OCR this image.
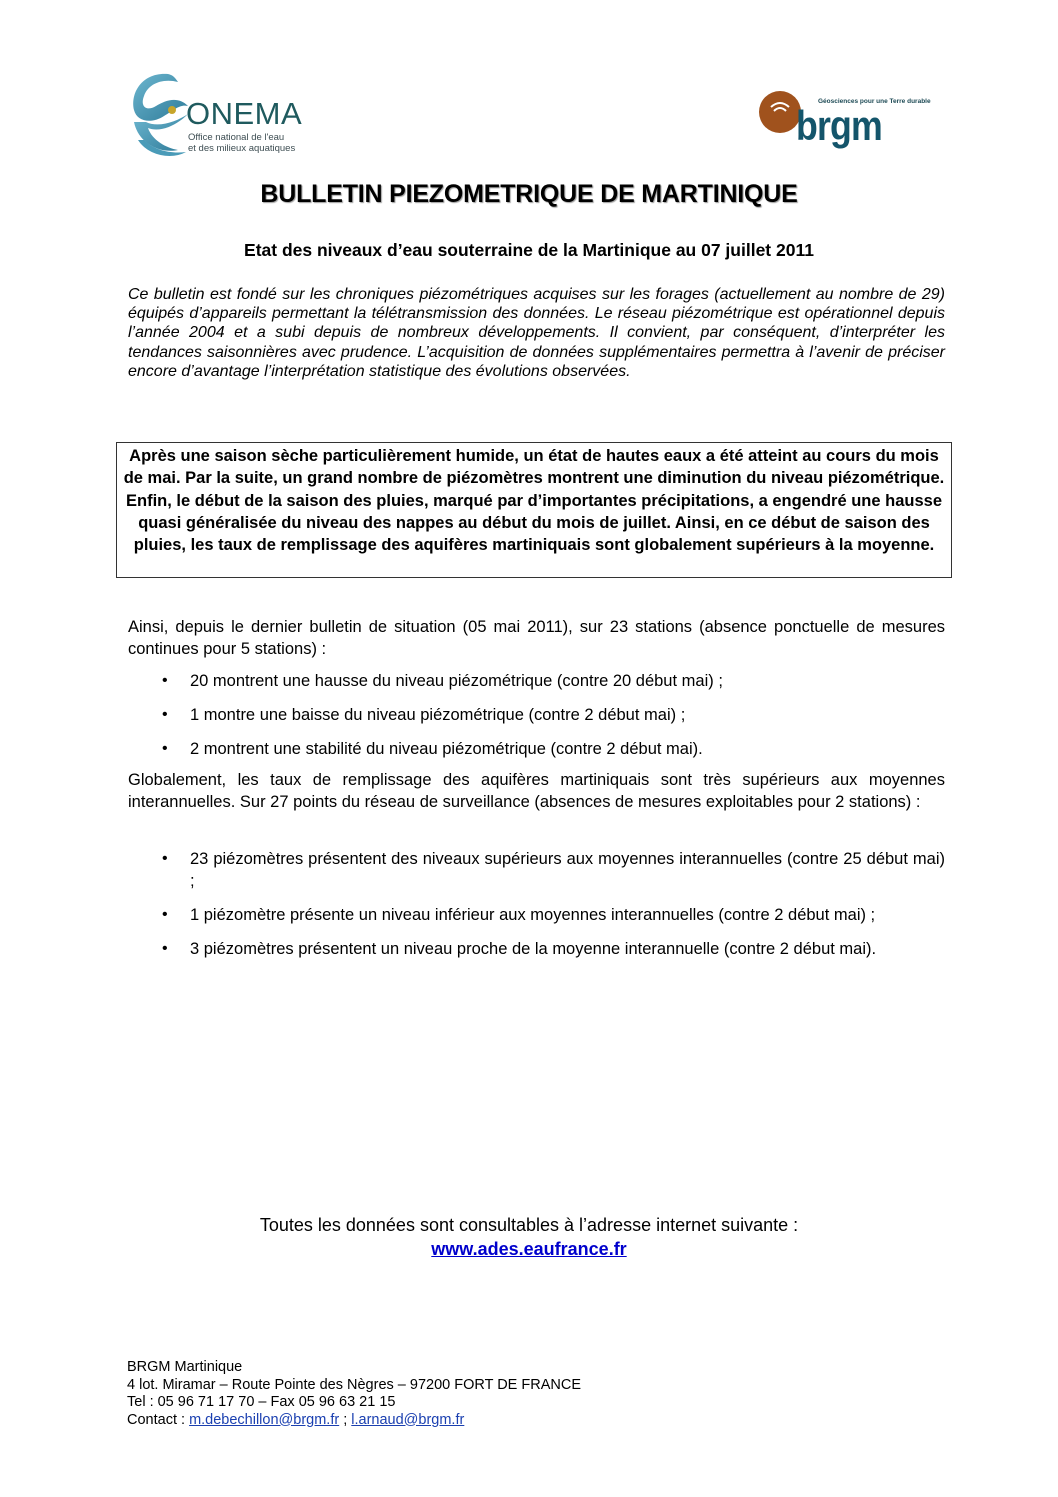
ONEMA
Office national de l'eau
et des milieux aquatiques
Géosciences pour une Terre durable
brgm
BULLETIN PIEZOMETRIQUE DE MARTINIQUE
Etat des niveaux d’eau souterraine de la Martinique au 07 juillet 2011
Ce bulletin est fondé sur les chroniques piézométriques acquises sur les forages (actuellement au nombre de 29) équipés d’appareils permettant la télétransmission des données. Le réseau piézométrique est opérationnel depuis l’année 2004 et a subi depuis de nombreux développements. Il convient, par conséquent, d’interpréter les tendances saisonnières avec prudence. L’acquisition de données supplémentaires permettra à l’avenir de préciser encore d’avantage l’interprétation statistique des évolutions observées.
Après une saison sèche particulièrement humide, un état de hautes eaux a été atteint au cours du mois de mai. Par la suite, un grand nombre de piézomètres montrent une diminution du niveau piézométrique. Enfin, le début de la saison des pluies, marqué par d’importantes précipitations, a engendré une hausse quasi généralisée du niveau des nappes au début du mois de juillet. Ainsi, en ce début de saison des pluies, les taux de remplissage des aquifères martiniquais sont globalement supérieurs à la moyenne.
Ainsi, depuis le dernier bulletin de situation (05 mai 2011), sur 23 stations (absence ponctuelle de mesures continues pour 5 stations) :
• 20 montrent une hausse du niveau piézométrique (contre 20 début mai) ;
• 1 montre une baisse du niveau piézométrique (contre 2 début mai) ;
• 2 montrent une stabilité du niveau piézométrique (contre 2 début mai).
Globalement, les taux de remplissage des aquifères martiniquais sont très supérieurs aux moyennes interannuelles. Sur 27 points du réseau de surveillance (absences de mesures exploitables pour 2 stations) :
• 23 piézomètres présentent des niveaux supérieurs aux moyennes interannuelles (contre 25 début mai) ;
• 1 piézomètre présente un niveau inférieur aux moyennes interannuelles (contre 2 début mai) ;
• 3 piézomètres présentent un niveau proche de la moyenne interannuelle (contre 2 début mai).
Toutes les données sont consultables à l’adresse internet suivante :
www.ades.eaufrance.fr
BRGM Martinique
4 lot. Miramar – Route Pointe des Nègres – 97200 FORT DE FRANCE
Tel : 05 96 71 17 70 – Fax 05 96 63 21 15
Contact : m.debechillon@brgm.fr ; l.arnaud@brgm.fr
